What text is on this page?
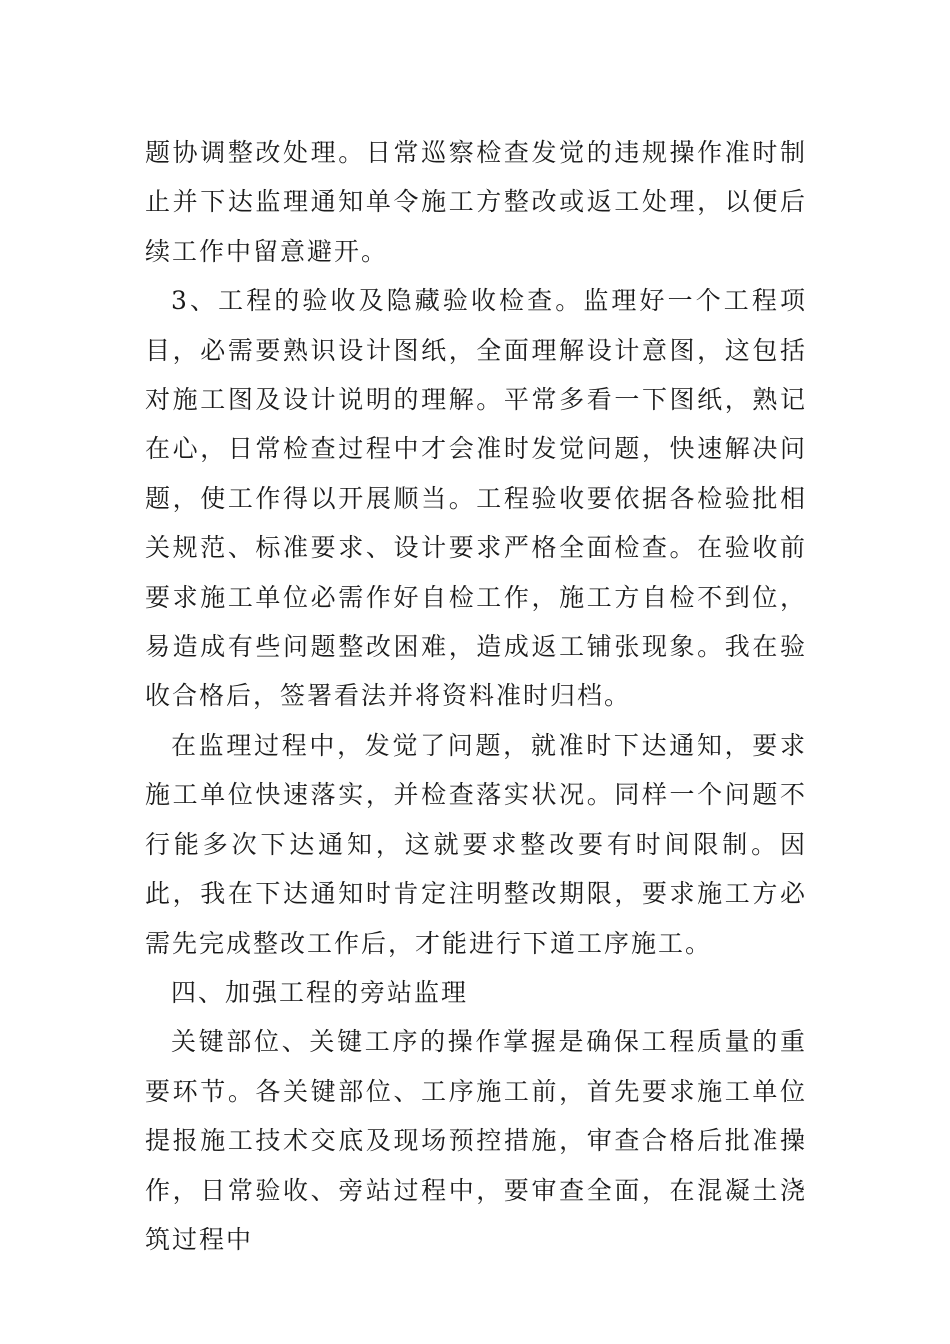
题协调整改处理。日常巡察检查发觉的违规操作准时制止并下达监理通知单令施工方整改或返工处理，以便后续工作中留意避开。

3、工程的验收及隐藏验收检查。监理好一个工程项目，必需要熟识设计图纸，全面理解设计意图，这包括对施工图及设计说明的理解。平常多看一下图纸，熟记在心，日常检查过程中才会准时发觉问题，快速解决问题，使工作得以开展顺当。工程验收要依据各检验批相关规范、标准要求、设计要求严格全面检查。在验收前要求施工单位必需作好自检工作，施工方自检不到位，易造成有些问题整改困难，造成返工铺张现象。我在验收合格后，签署看法并将资料准时归档。

在监理过程中，发觉了问题，就准时下达通知，要求施工单位快速落实，并检查落实状况。同样一个问题不行能多次下达通知，这就要求整改要有时间限制。因此，我在下达通知时肯定注明整改期限，要求施工方必需先完成整改工作后，才能进行下道工序施工。

四、加强工程的旁站监理

关键部位、关键工序的操作掌握是确保工程质量的重要环节。各关键部位、工序施工前，首先要求施工单位提报施工技术交底及现场预控措施，审查合格后批准操作，日常验收、旁站过程中，要审查全面，在混凝土浇筑过程中
